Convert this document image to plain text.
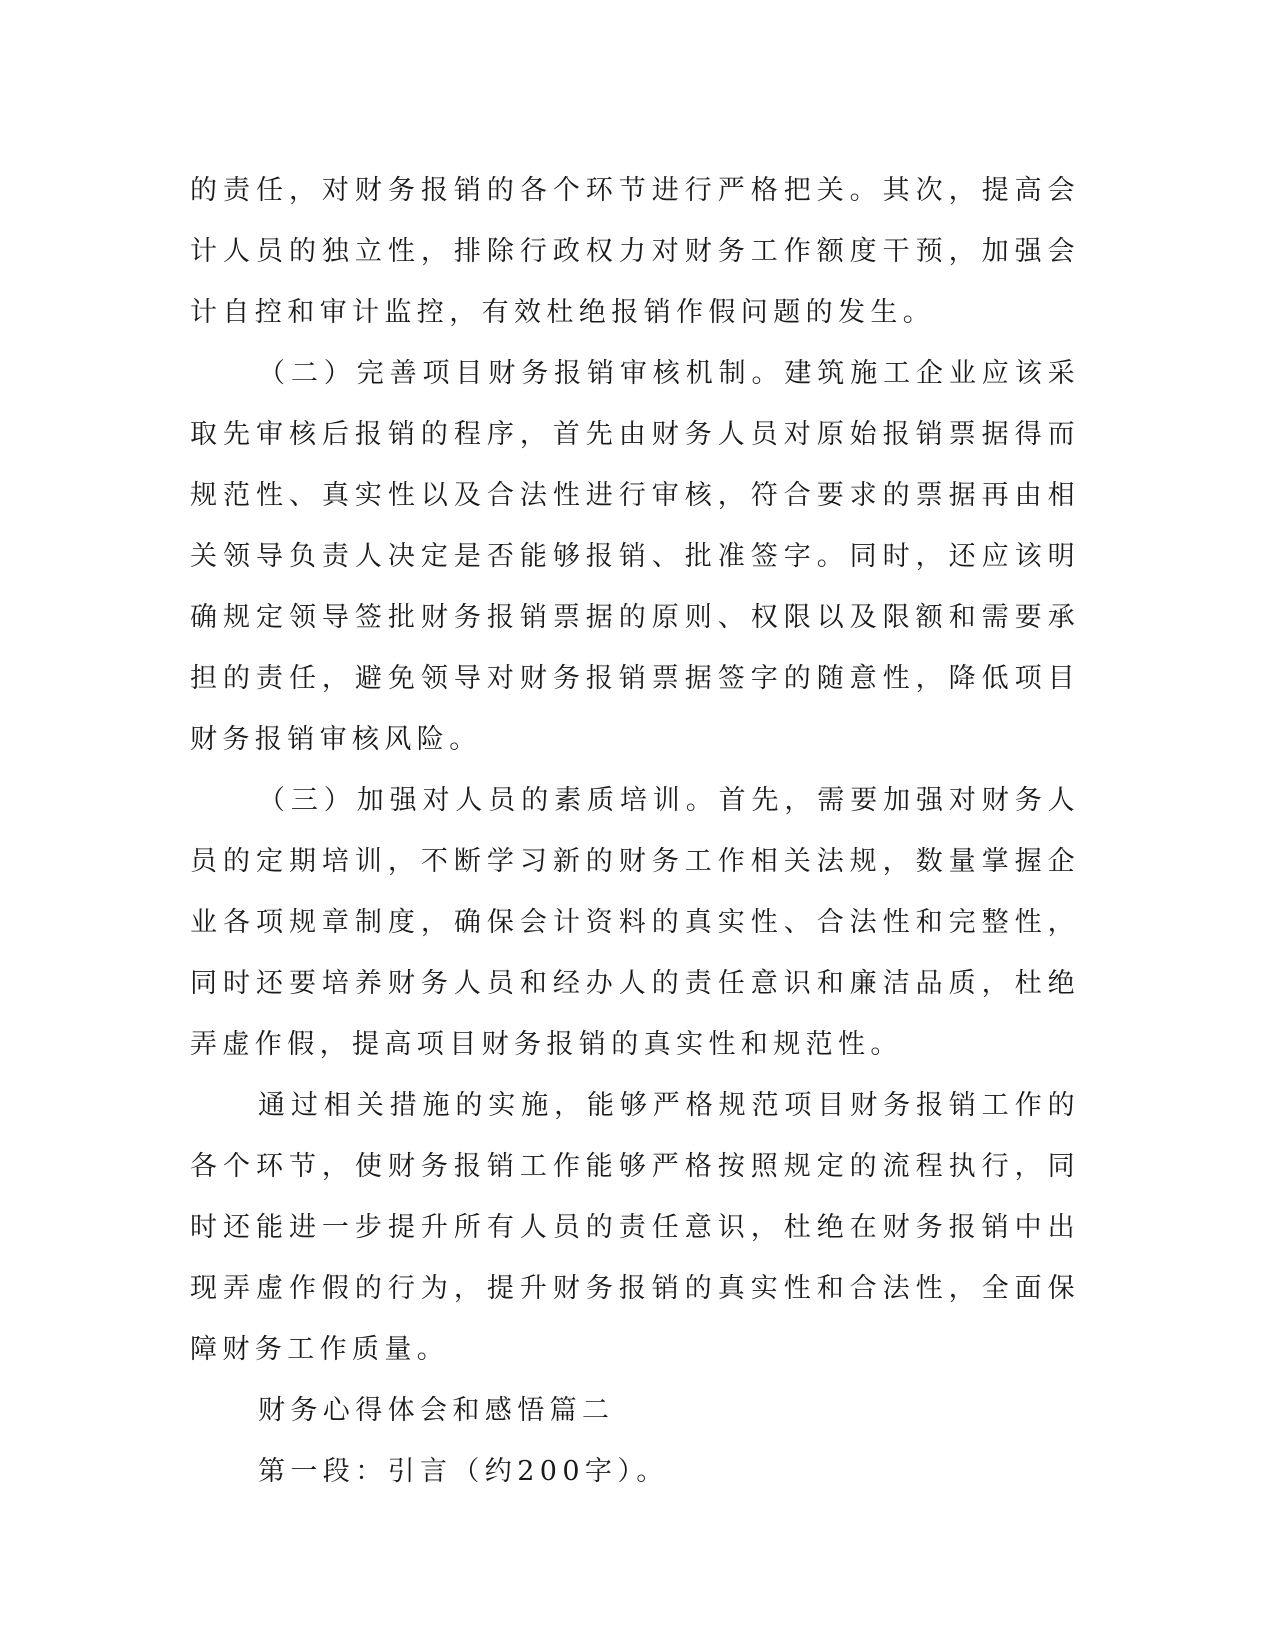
的责任，对财务报销的各个环节进行严格把关。其次，提高会计人员的独立性，排除行政权力对财务工作额度干预，加强会计自控和审计监控，有效杜绝报销作假问题的发生。

（二）完善项目财务报销审核机制。建筑施工企业应该采取先审核后报销的程序，首先由财务人员对原始报销票据得而规范性、真实性以及合法性进行审核，符合要求的票据再由相关领导负责人决定是否能够报销、批准签字。同时，还应该明确规定领导签批财务报销票据的原则、权限以及限额和需要承担的责任，避免领导对财务报销票据签字的随意性，降低项目财务报销审核风险。

（三）加强对人员的素质培训。首先，需要加强对财务人员的定期培训，不断学习新的财务工作相关法规，数量掌握企业各项规章制度，确保会计资料的真实性、合法性和完整性，同时还要培养财务人员和经办人的责任意识和廉洁品质，杜绝弄虚作假，提高项目财务报销的真实性和规范性。

通过相关措施的实施，能够严格规范项目财务报销工作的各个环节，使财务报销工作能够严格按照规定的流程执行，同时还能进一步提升所有人员的责任意识，杜绝在财务报销中出现弄虚作假的行为，提升财务报销的真实性和合法性，全面保障财务工作质量。

财务心得体会和感悟篇二

第一段：引言（约200字）。
